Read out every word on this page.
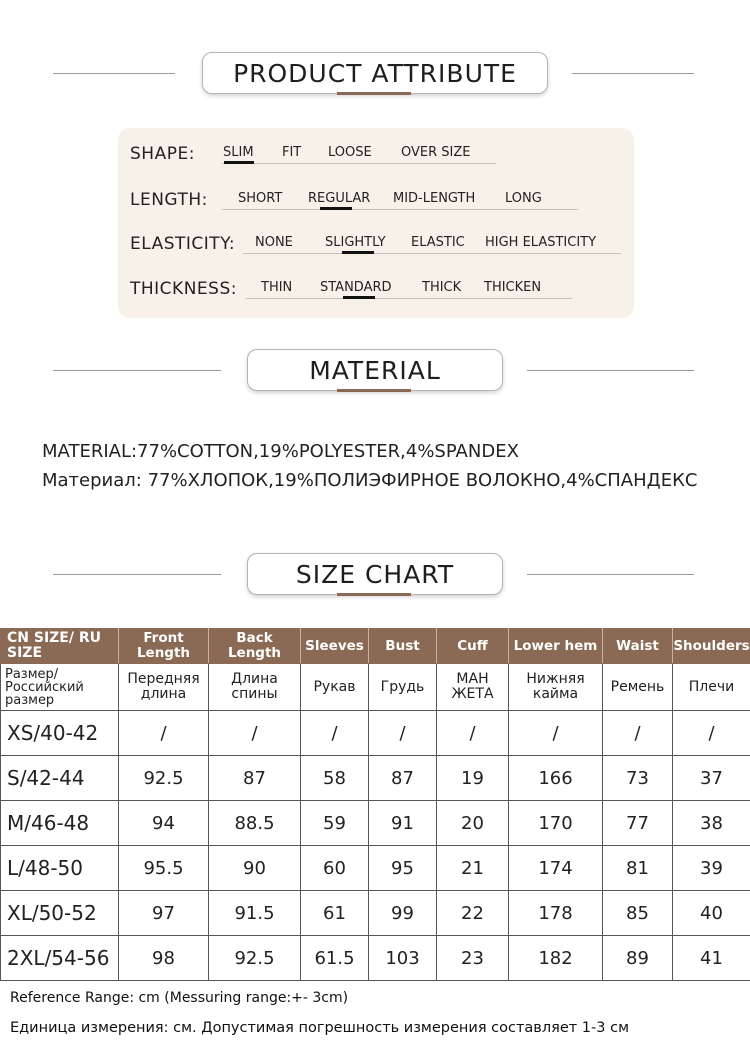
PRODUCT ATTRIBUTE
SHAPE: SLIM FIT LOOSE OVER SIZE
LENGTH: SHORT REGULAR MID-LENGTH LONG
ELASTICITY: NONE SLIGHTLY ELASTIC HIGH ELASTICITY
THICKNESS: THIN STANDARD THICK THICKEN
MATERIAL
MATERIAL:77%COTTON,19%POLYESTER,4%SPANDEX
Материал: 77%ХЛОПОК,19%ПОЛИЭФИРНОЕ ВОЛОКНО,4%СПАНДЕКС
SIZE CHART
CN SIZE/ RU SIZE	Front Length	Back Length	Sleeves	Bust	Cuff	Lower hem	Waist	Shoulders
Размер/ Российский размер	Передняя длина	Длина спины	Рукав	Грудь	МАН ЖЕТА	Нижняя кайма	Ремень	Плечи
XS/40-42	/	/	/	/	/	/	/	/
S/42-44	92.5	87	58	87	19	166	73	37
M/46-48	94	88.5	59	91	20	170	77	38
L/48-50	95.5	90	60	95	21	174	81	39
XL/50-52	97	91.5	61	99	22	178	85	40
2XL/54-56	98	92.5	61.5	103	23	182	89	41
Reference Range: cm (Messuring range:+- 3cm)
Единица измерения: см. Допустимая погрешность измерения составляет 1-3 см
